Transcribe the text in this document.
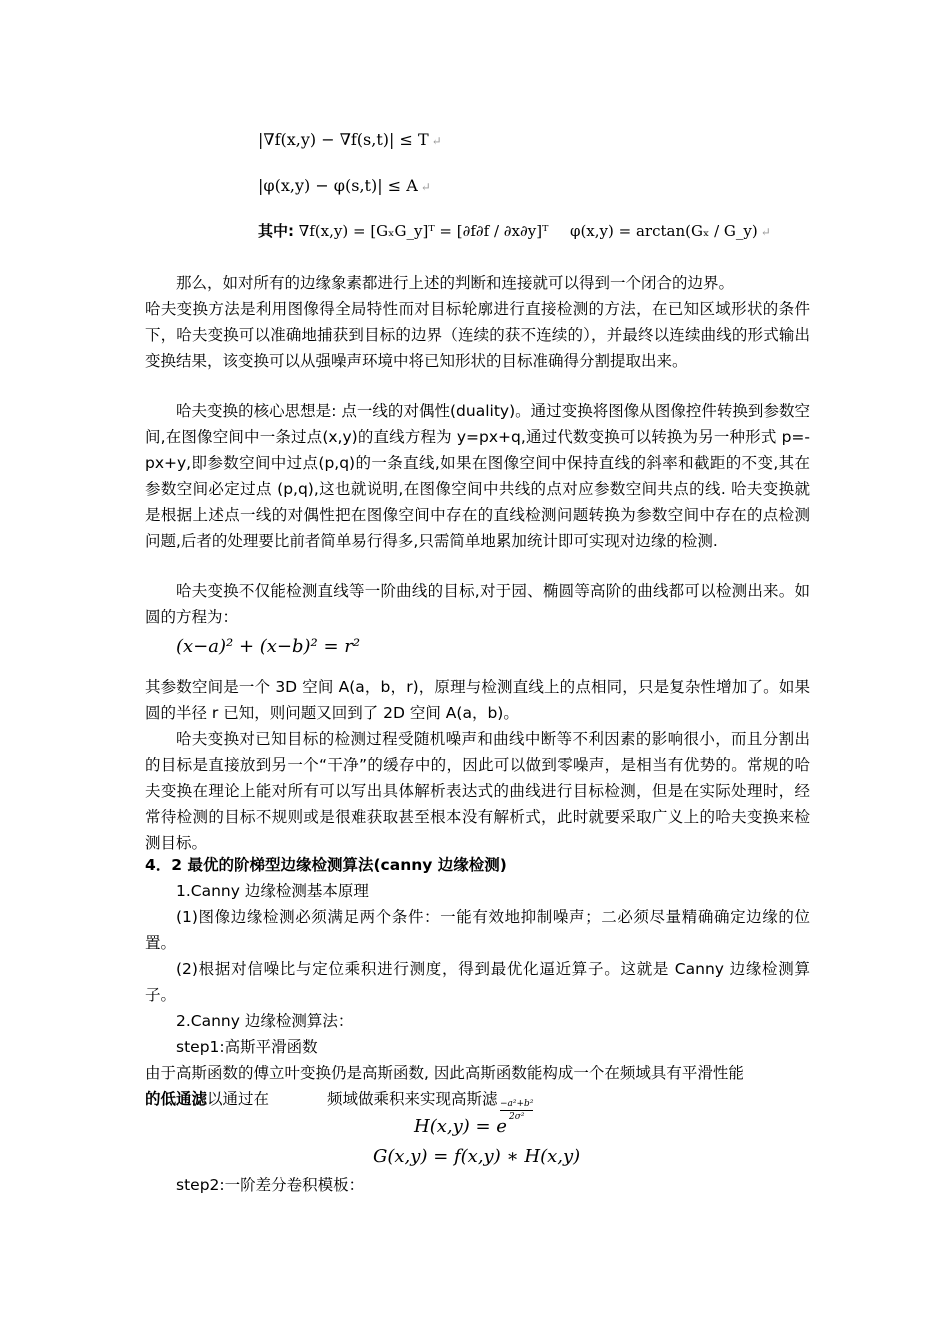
|∇f(x,y) − ∇f(s,t)| ≤ T ↵
|φ(x,y) − φ(s,t)| ≤ A ↵
其中: ∇f(x,y) = [GₓG_y]ᵀ = [∂f∂f / ∂x∂y]ᵀ φ(x,y) = arctan(Gₓ / G_y) ↵

那么，如对所有的边缘象素都进行上述的判断和连接就可以得到一个闭合的边界。

哈夫变换方法是利用图像得全局特性而对目标轮廓进行直接检测的方法，在已知区域形状的条件下，哈夫变换可以准确地捕获到目标的边界（连续的获不连续的），并最终以连续曲线的形式输出变换结果，该变换可以从强噪声环境中将已知形状的目标准确得分割提取出来。

哈夫变换的核心思想是: 点一线的对偶性(duality)。通过变换将图像从图像控件转换到参数空间,在图像空间中一条过点(x,y)的直线方程为 y=px+q,通过代数变换可以转换为另一种形式 p=-px+y,即参数空间中过点(p,q)的一条直线,如果在图像空间中保持直线的斜率和截距的不变,其在参数空间必定过点 (p,q),这也就说明,在图像空间中共线的点对应参数空间共点的线. 哈夫变换就是根据上述点一线的对偶性把在图像空间中存在的直线检测问题转换为参数空间中存在的点检测问题,后者的处理要比前者简单易行得多,只需简单地累加统计即可实现对边缘的检测.

哈夫变换不仅能检测直线等一阶曲线的目标,对于园、椭圆等高阶的曲线都可以检测出来。如圆的方程为：

(x−a)² + (x−b)² = r²

其参数空间是一个 3D 空间 A(a，b，r)，原理与检测直线上的点相同，只是复杂性增加了。如果圆的半径 r 已知，则问题又回到了 2D 空间 A(a，b)。

哈夫变换对已知目标的检测过程受随机噪声和曲线中断等不利因素的影响很小，而且分割出的目标是直接放到另一个“干净”的缓存中的，因此可以做到零噪声，是相当有优势的。常规的哈夫变换在理论上能对所有可以写出具体解析表达式的曲线进行目标检测，但是在实际处理时，经常待检测的目标不规则或是很难获取甚至根本没有解析式，此时就要采取广义上的哈夫变换来检测目标。

4．2 最优的阶梯型边缘检测算法(canny 边缘检测)

1.Canny 边缘检测基本原理

(1)图像边缘检测必须满足两个条件：一能有效地抑制噪声；二必须尽量精确确定边缘的位置。

(2)根据对信噪比与定位乘积进行测度，得到最优化逼近算子。这就是 Canny 边缘检测算子。

2.Canny 边缘检测算法：

step1:高斯平滑函数

由于高斯函数的傅立叶变换仍是高斯函数, 因此高斯函数能构成一个在频域具有平滑性能

的低通滤以通过在	频域做乘积来实现高斯滤
H(x,y) = e
−a²+b²
2σ²
G(x,y) = f(x,y) ∗ H(x,y)

step2:一阶差分卷积模板：
